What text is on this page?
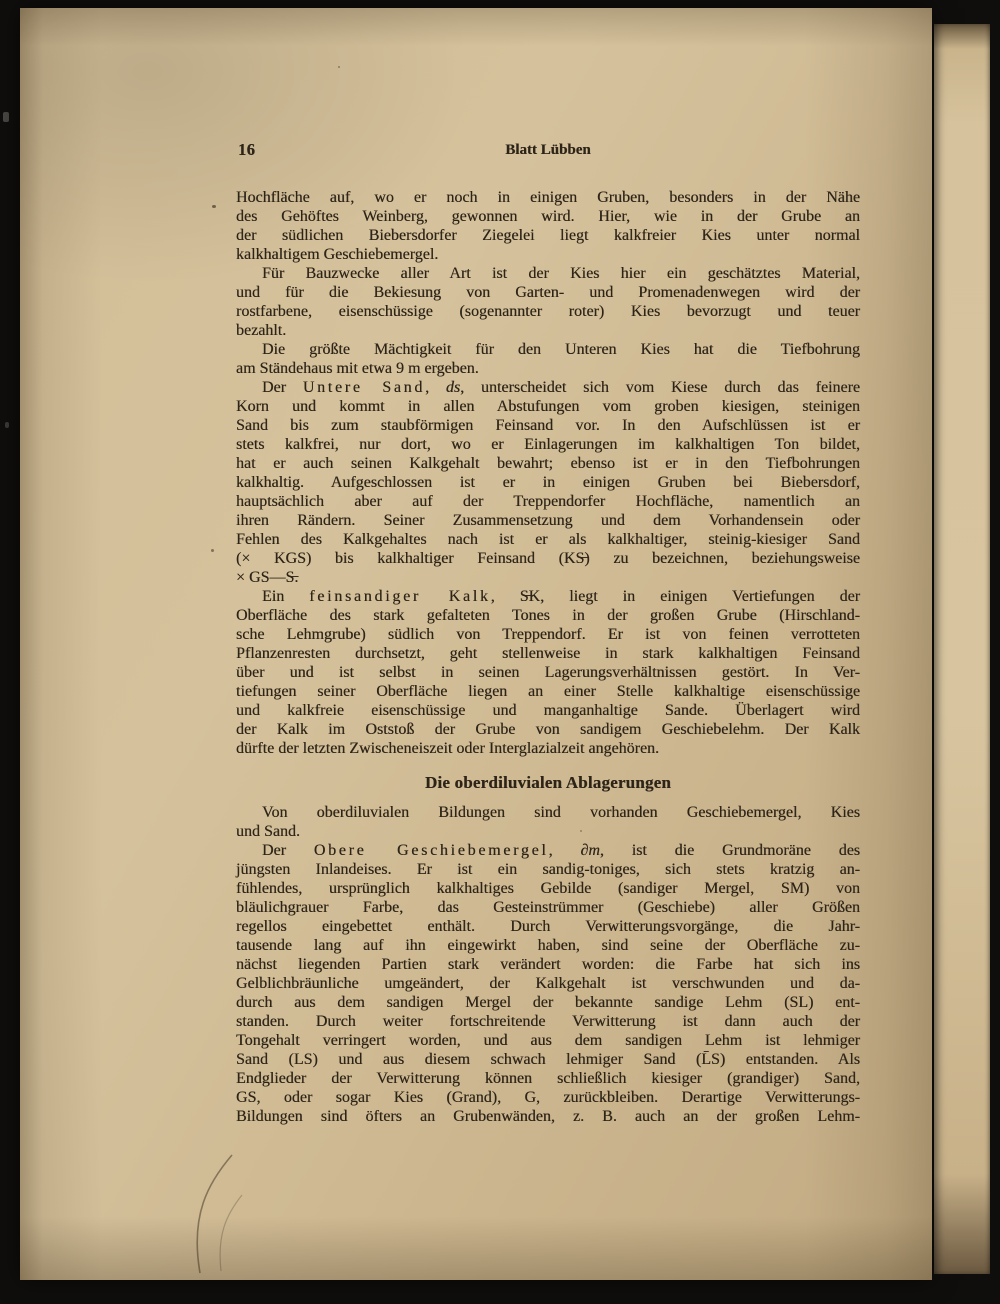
16	Blatt Lübben
Hochfläche auf, wo er noch in einigen Gruben, besonders in der Nähe
des Gehöftes Weinberg, gewonnen wird. Hier, wie in der Grube an
der südlichen Biebersdorfer Ziegelei liegt kalkfreier Kies unter normal
kalkhaltigem Geschiebemergel.
Für Bauzwecke aller Art ist der Kies hier ein geschätztes Material,
und für die Bekiesung von Garten- und Promenadenwegen wird der
rostfarbene, eisenschüssige (sogenannter roter) Kies bevorzugt und teuer
bezahlt.
Die größte Mächtigkeit für den Unteren Kies hat die Tiefbohrung
am Ständehaus mit etwa 9 m ergeben.
Der Untere Sand, ds, unterscheidet sich vom Kiese durch das feinere
Korn und kommt in allen Abstufungen vom groben kiesigen, steinigen
Sand bis zum staubförmigen Feinsand vor. In den Aufschlüssen ist er
stets kalkfrei, nur dort, wo er Einlagerungen im kalkhaltigen Ton bildet,
hat er auch seinen Kalkgehalt bewahrt; ebenso ist er in den Tiefbohrungen
kalkhaltig. Aufgeschlossen ist er in einigen Gruben bei Biebersdorf,
hauptsächlich aber auf der Treppendorfer Hochfläche, namentlich an
ihren Rändern. Seiner Zusammensetzung und dem Vorhandensein oder
Fehlen des Kalkgehaltes nach ist er als kalkhaltiger, steinig-kiesiger Sand
(× KGS) bis kalkhaltiger Feinsand (KS̶) zu bezeichnen, beziehungsweise
× GS—S̶.
Ein feinsandiger Kalk, S̶K, liegt in einigen Vertiefungen der
Oberfläche des stark gefalteten Tones in der großen Grube (Hirschland-
sche Lehmgrube) südlich von Treppendorf. Er ist von feinen verrotteten
Pflanzenresten durchsetzt, geht stellenweise in stark kalkhaltigen Feinsand
über und ist selbst in seinen Lagerungsverhältnissen gestört. In Ver-
tiefungen seiner Oberfläche liegen an einer Stelle kalkhaltige eisenschüssige
und kalkfreie eisenschüssige und manganhaltige Sande. Überlagert wird
der Kalk im Oststoß der Grube von sandigem Geschiebelehm. Der Kalk
dürfte der letzten Zwischeneiszeit oder Interglazialzeit angehören.
Die oberdiluvialen Ablagerungen
Von oberdiluvialen Bildungen sind vorhanden Geschiebemergel, Kies
und Sand.
Der Obere Geschiebemergel, ∂m, ist die Grundmoräne des
jüngsten Inlandeises. Er ist ein sandig-toniges, sich stets kratzig an-
fühlendes, ursprünglich kalkhaltiges Gebilde (sandiger Mergel, SM) von
bläulichgrauer Farbe, das Gesteinstrümmer (Geschiebe) aller Größen
regellos eingebettet enthält. Durch Verwitterungsvorgänge, die Jahr-
tausende lang auf ihn eingewirkt haben, sind seine der Oberfläche zu-
nächst liegenden Partien stark verändert worden: die Farbe hat sich ins
Gelblichbräunliche umgeändert, der Kalkgehalt ist verschwunden und da-
durch aus dem sandigen Mergel der bekannte sandige Lehm (SL) ent-
standen. Durch weiter fortschreitende Verwitterung ist dann auch der
Tongehalt verringert worden, und aus dem sandigen Lehm ist lehmiger
Sand (LS) und aus diesem schwach lehmiger Sand (L̄S) entstanden. Als
Endglieder der Verwitterung können schließlich kiesiger (grandiger) Sand,
GS, oder sogar Kies (Grand), G, zurückbleiben. Derartige Verwitterungs-
Bildungen sind öfters an Grubenwänden, z. B. auch an der großen Lehm-
